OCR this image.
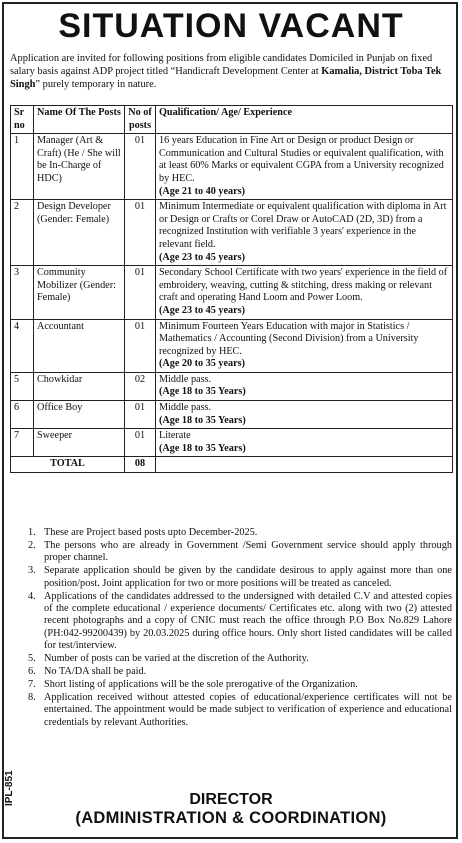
SITUATION VACANT
Application are invited for following positions from eligible candidates Domiciled in Punjab on fixed salary basis against ADP project titled “Handicraft Development Center at Kamalia, District Toba Tek Singh” purely temporary in nature.
Sr no	Name Of The Posts	No of posts	Qualification/ Age/ Experience
1	Manager (Art & Craft) (He / She will be In-Charge of HDC)	01	16 years Education in Fine Art or Design or product Design or Communication and Cultural Studies or equivalent qualification, with at least 60% Marks or equivalent CGPA from a University recognized by HEC.
(Age 21 to 40 years)

2	Design Developer (Gender: Female)	01	Minimum Intermediate or equivalent qualification with diploma in Art or Design or Crafts or Corel Draw or AutoCAD (2D, 3D) from a recognized Institution with verifiable 3 years' experience in the relevant field.
(Age 23 to 45 years)

3	Community Mobilizer (Gender: Female)	01	Secondary School Certificate with two years' experience in the field of embroidery, weaving, cutting & stitching, dress making or relevant craft and operating Hand Loom and Power Loom.
(Age 23 to 45 years)

4	Accountant	01	Minimum Fourteen Years Education with major in Statistics / Mathematics / Accounting (Second Division) from a University recognized by HEC.
(Age 20 to 35 years)

5	Chowkidar	02	Middle pass.
(Age 18 to 35 Years)

6	Office Boy	01	Middle pass.
(Age 18 to 35 Years)

7	Sweeper	01	Literate
(Age 18 to 35 Years)

TOTAL		08	
1. These are Project based posts upto December-2025.
2. The persons who are already in Government /Semi Government service should apply through proper channel.
3. Separate application should be given by the candidate desirous to apply against more than one position/post. Joint application for two or more positions will be treated as canceled.
4. Applications of the candidates addressed to the undersigned with detailed C.V and attested copies of the complete educational / experience documents/ Certificates etc. along with two (2) attested recent photographs and a copy of CNIC must reach the office through P.O Box No.829 Lahore (PH:042-99200439) by 20.03.2025 during office hours. Only short listed candidates will be called for test/interview.
5. Number of posts can be varied at the discretion of the Authority.
6. No TA/DA shall be paid.
7. Short listing of applications will be the sole prerogative of the Organization.
8. Application received without attested copies of educational/experience certificates will not be entertained. The appointment would be made subject to verification of experience and educational credentials by relevant Authorities.
IPL-851	DIRECTOR
(ADMINISTRATION & COORDINATION)
